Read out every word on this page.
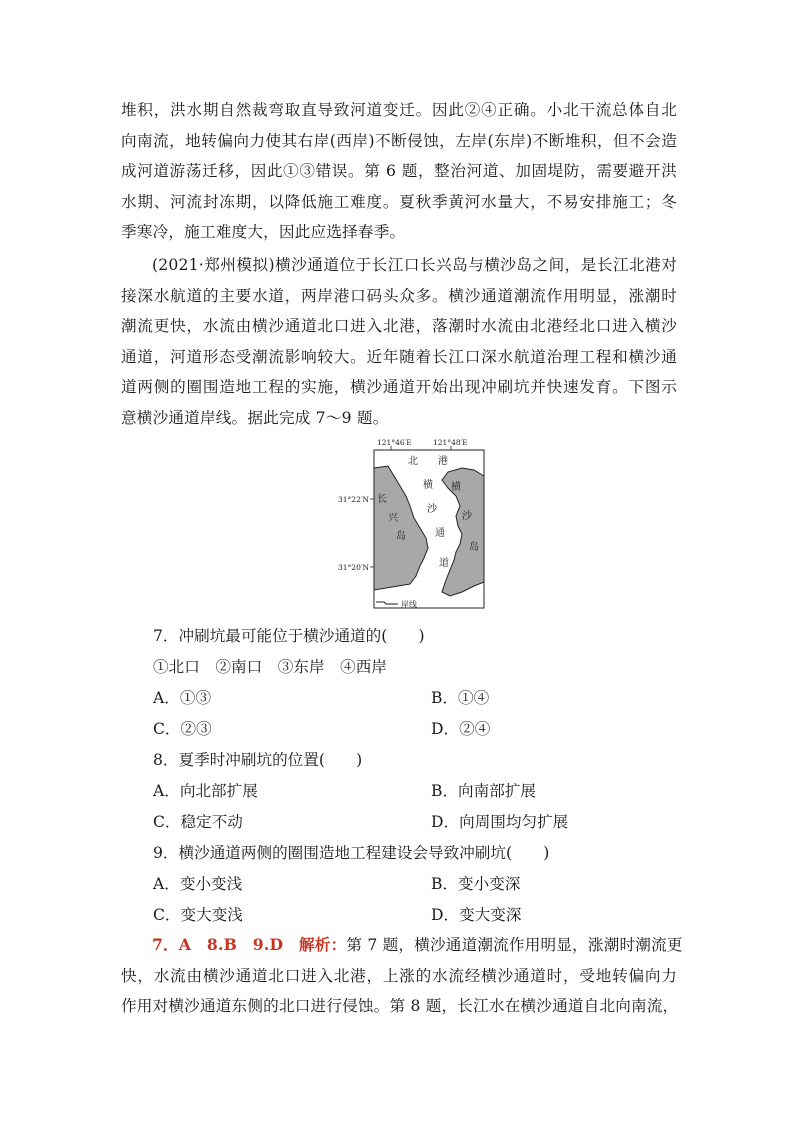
堆积，洪水期自然裁弯取直导致河道变迁。因此②④正确。小北干流总体自北
向南流，地转偏向力使其右岸(西岸)不断侵蚀，左岸(东岸)不断堆积，但不会造
成河道游荡迁移，因此①③错误。第 6 题，整治河道、加固堤防，需要避开洪
水期、河流封冻期，以降低施工难度。夏秋季黄河水量大，不易安排施工；冬
季寒冷，施工难度大，因此应选择春季。
(2021·郑州模拟)横沙通道位于长江口长兴岛与横沙岛之间，是长江北港对
接深水航道的主要水道，两岸港口码头众多。横沙通道潮流作用明显，涨潮时
潮流更快，水流由横沙通道北口进入北港，落潮时水流由北港经北口进入横沙
通道，河道形态受潮流影响较大。近年随着长江口深水航道治理工程和横沙通
道两侧的圈围造地工程的实施，横沙通道开始出现冲刷坑并快速发育。下图示
意横沙通道岸线。据此完成 7～9 题。
121°46′E	121°48′E
31°22′N
31°20′N
北 港
长
兴
岛
横
沙
岛
横
沙
通
道
岸线
7．冲刷坑最可能位于横沙通道的(　　)
①北口　②南口　③东岸　④西岸
A．①③	B．①④
C．②③	D．②④
8．夏季时冲刷坑的位置(　　)
A．向北部扩展	B．向南部扩展
C．稳定不动	D．向周围均匀扩展
9．横沙通道两侧的圈围造地工程建设会导致冲刷坑(　　)
A．变小变浅	B．变小变深
C．变大变浅	D．变大变深
7．A　8.B　9.D　解析：第 7 题，横沙通道潮流作用明显，涨潮时潮流更
快，水流由横沙通道北口进入北港，上涨的水流经横沙通道时，受地转偏向力
作用对横沙通道东侧的北口进行侵蚀。第 8 题，长江水在横沙通道自北向南流，
